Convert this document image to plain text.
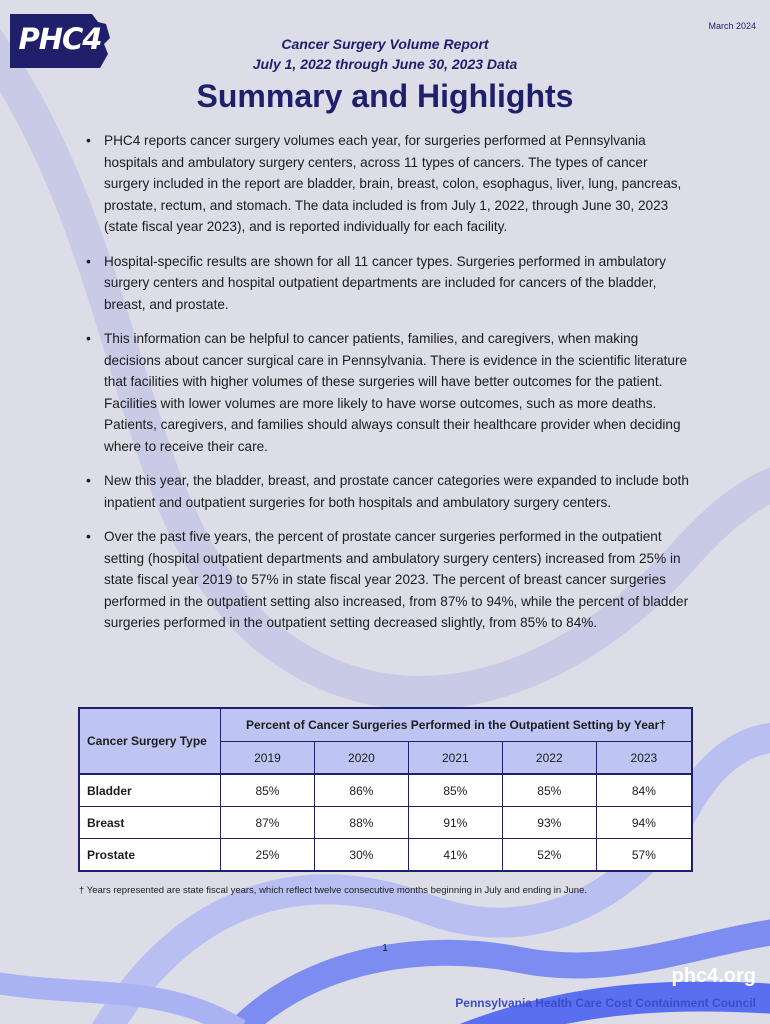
PHC4	March 2024
Cancer Surgery Volume Report
July 1, 2022 through June 30, 2023 Data
Summary and Highlights
• PHC4 reports cancer surgery volumes each year, for surgeries performed at Pennsylvania hospitals and ambulatory surgery centers, across 11 types of cancers. The types of cancer surgery included in the report are bladder, brain, breast, colon, esophagus, liver, lung, pancreas, prostate, rectum, and stomach. The data included is from July 1, 2022, through June 30, 2023 (state fiscal year 2023), and is reported individually for each facility.
• Hospital-specific results are shown for all 11 cancer types. Surgeries performed in ambulatory surgery centers and hospital outpatient departments are included for cancers of the bladder, breast, and prostate.
• This information can be helpful to cancer patients, families, and caregivers, when making decisions about cancer surgical care in Pennsylvania. There is evidence in the scientific literature that facilities with higher volumes of these surgeries will have better outcomes for the patient. Facilities with lower volumes are more likely to have worse outcomes, such as more deaths. Patients, caregivers, and families should always consult their healthcare provider when deciding where to receive their care.
• New this year, the bladder, breast, and prostate cancer categories were expanded to include both inpatient and outpatient surgeries for both hospitals and ambulatory surgery centers.
• Over the past five years, the percent of prostate cancer surgeries performed in the outpatient setting (hospital outpatient departments and ambulatory surgery centers) increased from 25% in state fiscal year 2019 to 57% in state fiscal year 2023. The percent of breast cancer surgeries performed in the outpatient setting also increased, from 87% to 94%, while the percent of bladder surgeries performed in the outpatient setting decreased slightly, from 85% to 84%.
Cancer Surgery Type	Percent of Cancer Surgeries Performed in the Outpatient Setting by Year†				
	2019	2020	2021	2022	2023
Bladder	85%	86%	85%	85%	84%
Breast	87%	88%	91%	93%	94%
Prostate	25%	30%	41%	52%	57%
† Years represented are state fiscal years, which reflect twelve consecutive months beginning in July and ending in June.
1
phc4.org
Pennsylvania Health Care Cost Containment Council
